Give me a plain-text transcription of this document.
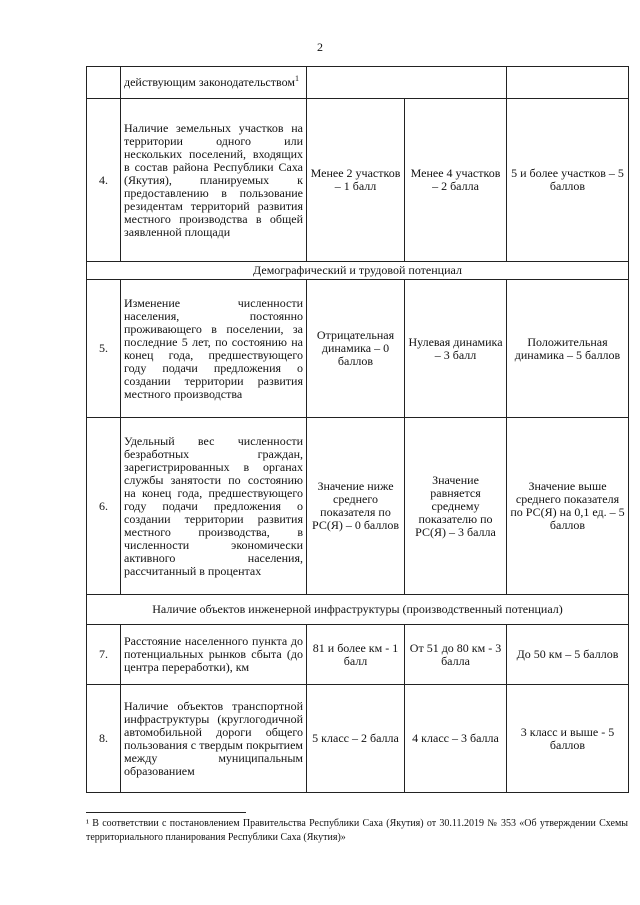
2
	действующим законодательством$^1$		
4.	Наличие земельных участков на территории одного или нескольких поселений, входящих в состав района Республики Саха (Якутия), планируемых к предоставлению в пользование резидентам территорий развития местного производства в общей заявленной площади	Менее 2 участков – 1 балл	Менее 4 участков – 2 балла	5 и более участков – 5 баллов
Демографический и трудовой потенциал				
5.	Изменение численности населения, постоянно проживающего в поселении, за последние 5 лет, по состоянию на конец года, предшествующего году подачи предложения о создании территории развития местного производства	Отрицательная динамика – 0 баллов	Нулевая динамика – 3 балл	Положительная динамика – 5 баллов
6.	Удельный вес численности безработных граждан, зарегистрированных в органах службы занятости по состоянию на конец года, предшествующего году подачи предложения о создании территории развития местного производства, в численности экономически активного населения, рассчитанный в процентах	Значение ниже среднего показателя по РС(Я) – 0 баллов	Значение равняется среднему показателю по РС(Я) – 3 балла	Значение выше среднего показателя по РС(Я) на 0,1 ед. – 5 баллов
Наличие объектов инженерной инфраструктуры (производственный потенциал)				
7.	Расстояние населенного пункта до потенциальных рынков сбыта (до центра переработки), км	81 и более км - 1 балл	От 51 до 80 км - 3 балла	До 50 км – 5 баллов
8.	Наличие объектов транспортной инфраструктуры (круглогодичной автомобильной дороги общего пользования с твердым покрытием между муниципальным образованием	5 класс – 2 балла	4 класс – 3 балла	3 класс и выше - 5 баллов
¹ В соответствии с постановлением Правительства Республики Саха (Якутия) от 30.11.2019 № 353 «Об утверждении Схемы территориального планирования Республики Саха (Якутия)»
